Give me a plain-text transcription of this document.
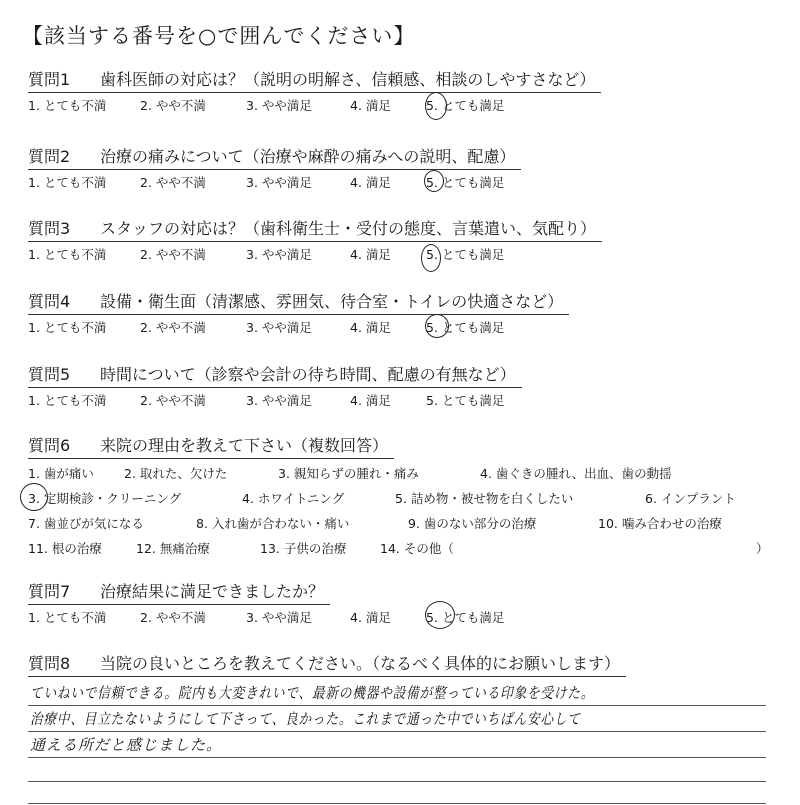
【該当する番号を○で囲んでください】
質問1 歯科医師の対応は？（説明の明解さ、信頼感、相談のしやすさなど）
1. とても不満	2. やや不満	3. やや満足	4. 満足	5. とても満足
質問2 治療の痛みについて（治療や麻酔の痛みへの説明、配慮）
1. とても不満	2. やや不満	3. やや満足	4. 満足	5. とても満足
質問3 スタッフの対応は？（歯科衛生士・受付の態度、言葉遣い、気配り）
1. とても不満	2. やや不満	3. やや満足	4. 満足	5. とても満足
質問4 設備・衛生面（清潔感、雰囲気、待合室・トイレの快適さなど）
1. とても不満	2. やや不満	3. やや満足	4. 満足	5. とても満足
質問5 時間について（診察や会計の待ち時間、配慮の有無など）
1. とても不満	2. やや不満	3. やや満足	4. 満足	5. とても満足
質問6 来院の理由を教えて下さい（複数回答）
1. 歯が痛い 2. 取れた、欠けた	3. 親知らずの腫れ・痛み	4. 歯ぐきの腫れ、出血、歯の動揺
3. 定期検診・クリーニング	4. ホワイトニング	5. 詰め物・被せ物を白くしたい	6. インプラント
7. 歯並びが気になる	8. 入れ歯が合わない・痛い	9. 歯のない部分の治療	10. 噛み合わせの治療
11. 根の治療	12. 無痛治療	13. 子供の治療	14. その他（	）
質問7 治療結果に満足できましたか？
1. とても不満	2. やや不満	3. やや満足	4. 満足	5. とても満足
質問8 当院の良いところを教えてください。（なるべく具体的にお願いします）
ていねいで信頼できる。院内も大変きれいで、最新の機器や設備が整っている印象を受けた。
治療中、目立たないようにして下さって、良かった。これまで通った中でいちばん安心して
通える所だと感じました。
